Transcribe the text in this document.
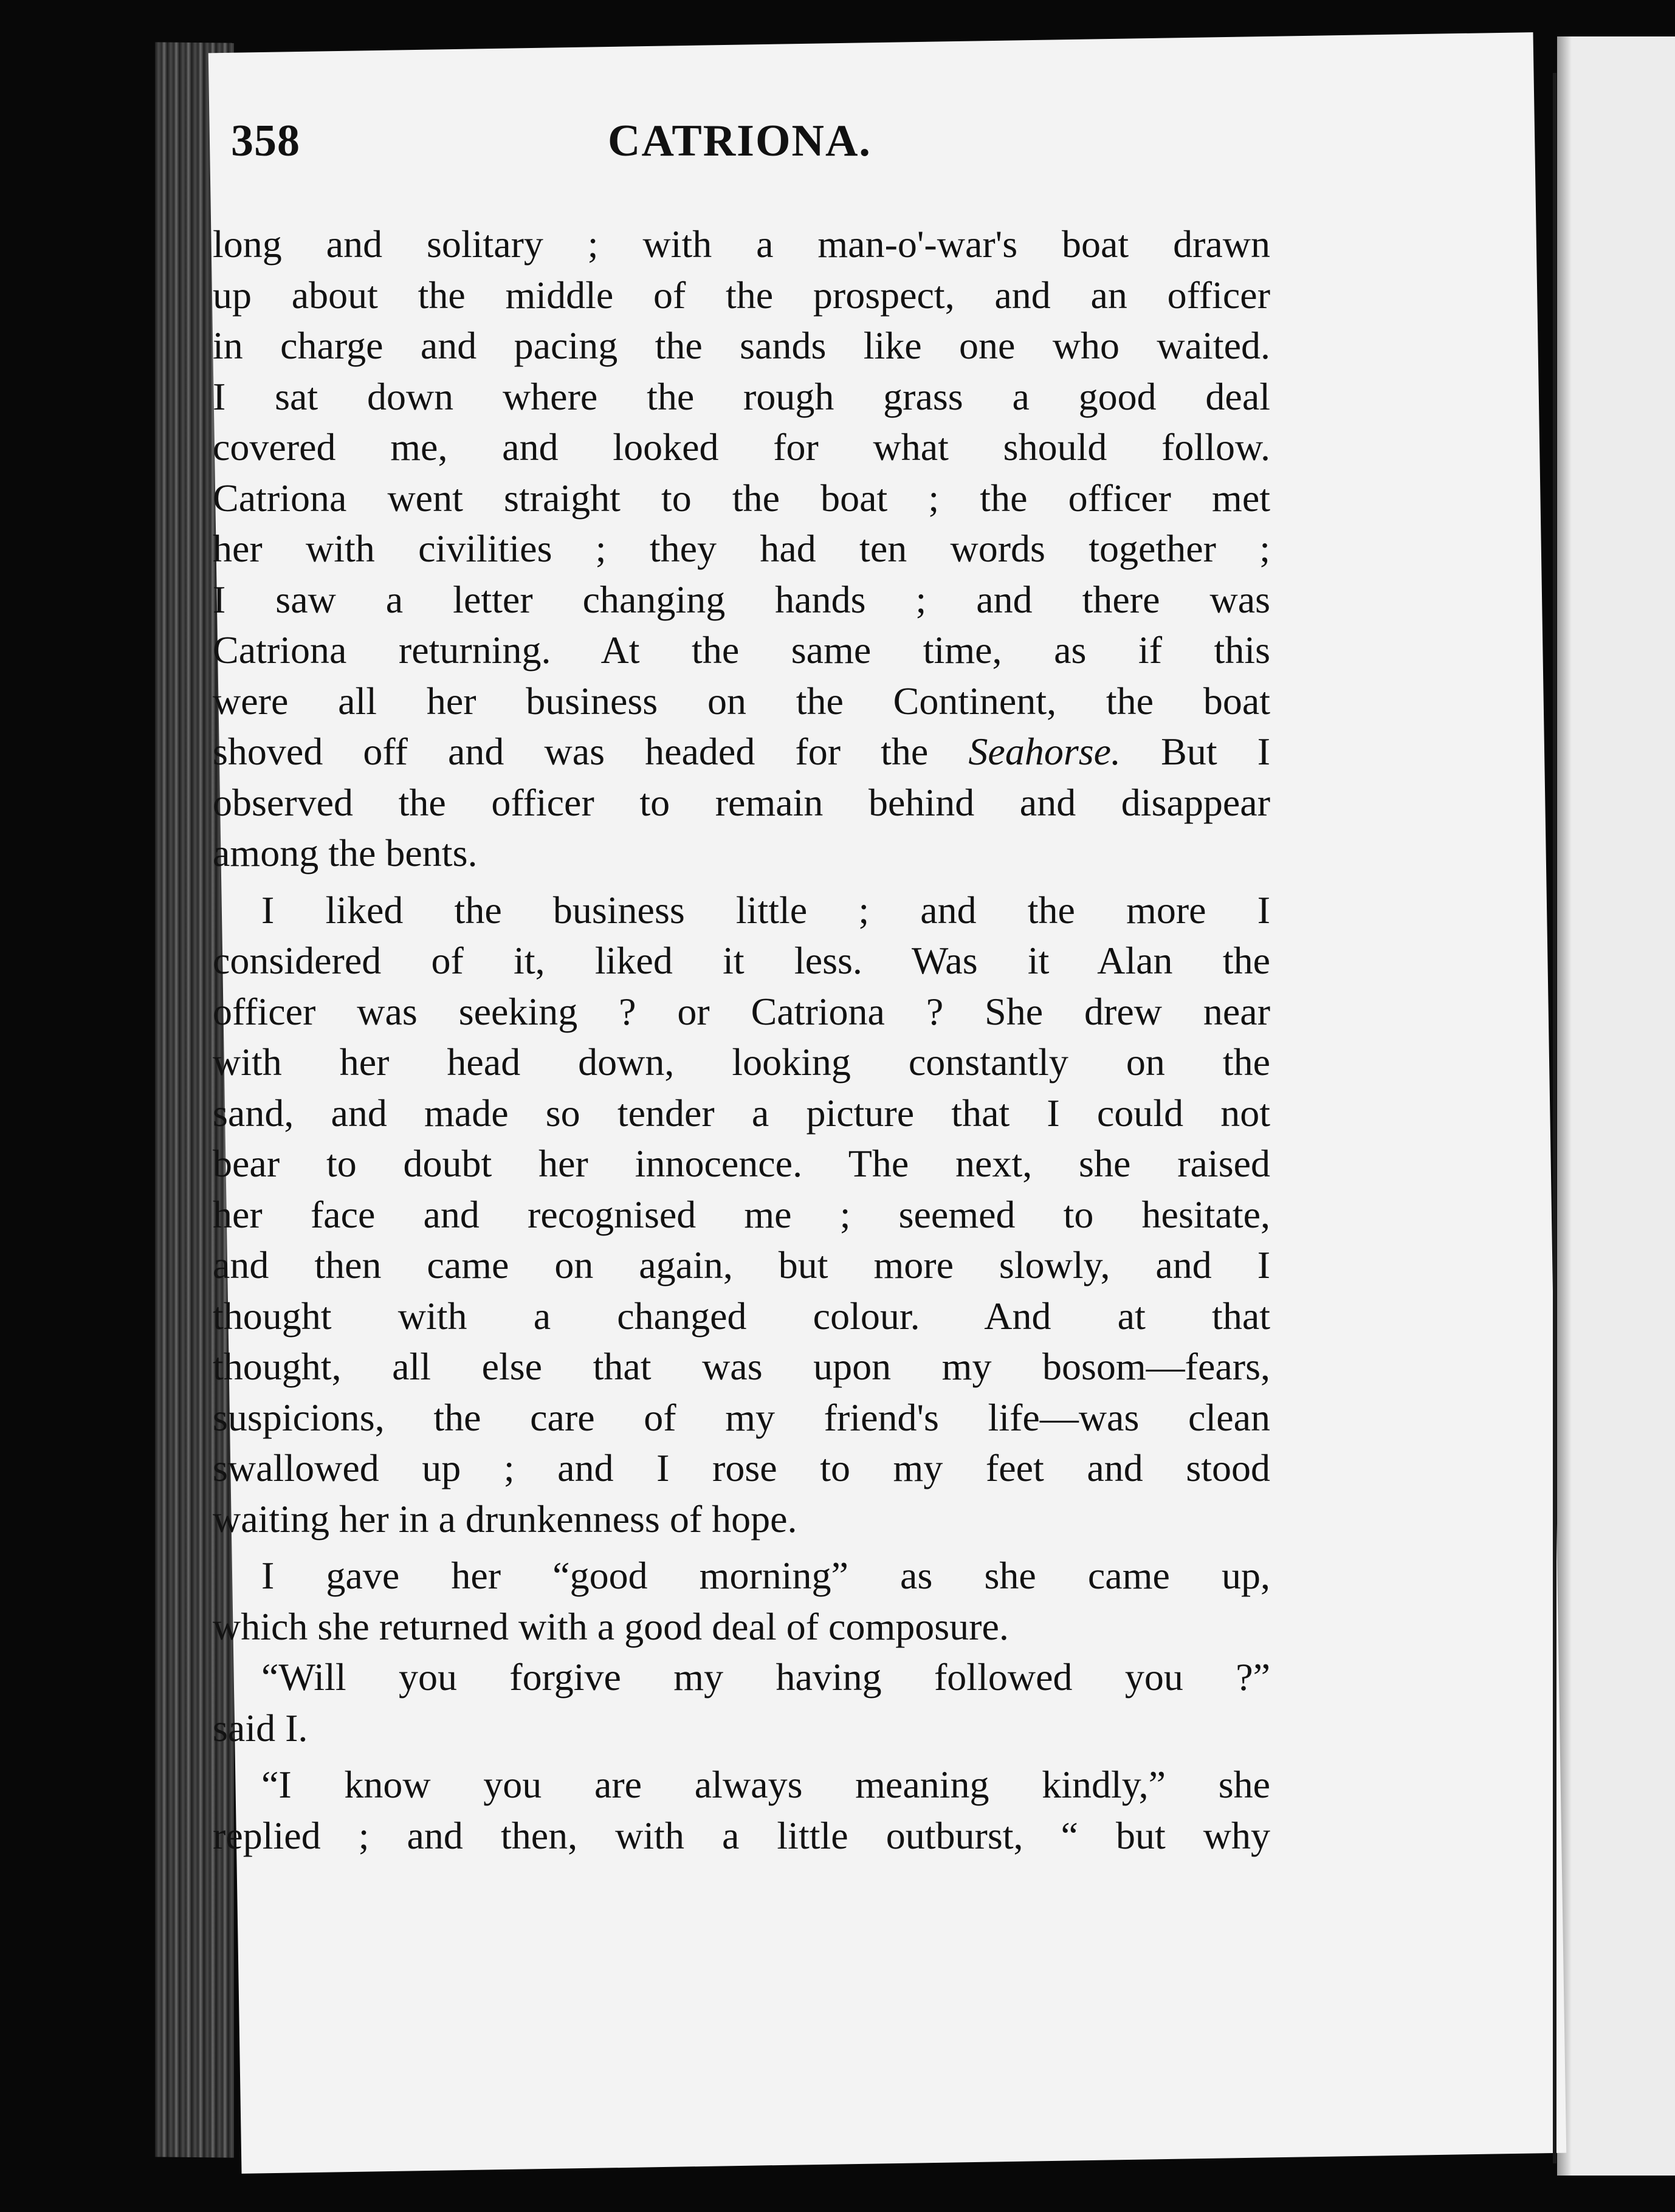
358	CATRIONA.
long and solitary ; with a man-o'-war's boat drawn
up about the middle of the prospect, and an officer
in charge and pacing the sands like one who waited.
I sat down where the rough grass a good deal
covered me, and looked for what should follow.
Catriona went straight to the boat ; the officer met
her with civilities ; they had ten words together ;
I saw a letter changing hands ; and there was
Catriona returning. At the same time, as if this
were all her business on the Continent, the boat
shoved off and was headed for the Seahorse. But I
observed the officer to remain behind and disappear
among the bents.
I liked the business little ; and the more I
considered of it, liked it less. Was it Alan the
officer was seeking ? or Catriona ? She drew near
with her head down, looking constantly on the
sand, and made so tender a picture that I could not
bear to doubt her innocence. The next, she raised
her face and recognised me ; seemed to hesitate,
and then came on again, but more slowly, and I
thought with a changed colour. And at that
thought, all else that was upon my bosom—fears,
suspicions, the care of my friend's life—was clean
swallowed up ; and I rose to my feet and stood
waiting her in a drunkenness of hope.
I gave her “good morning” as she came up,
which she returned with a good deal of composure.
“Will you forgive my having followed you ?”
said I.
“I know you are always meaning kindly,” she
replied ; and then, with a little outburst, “ but why
